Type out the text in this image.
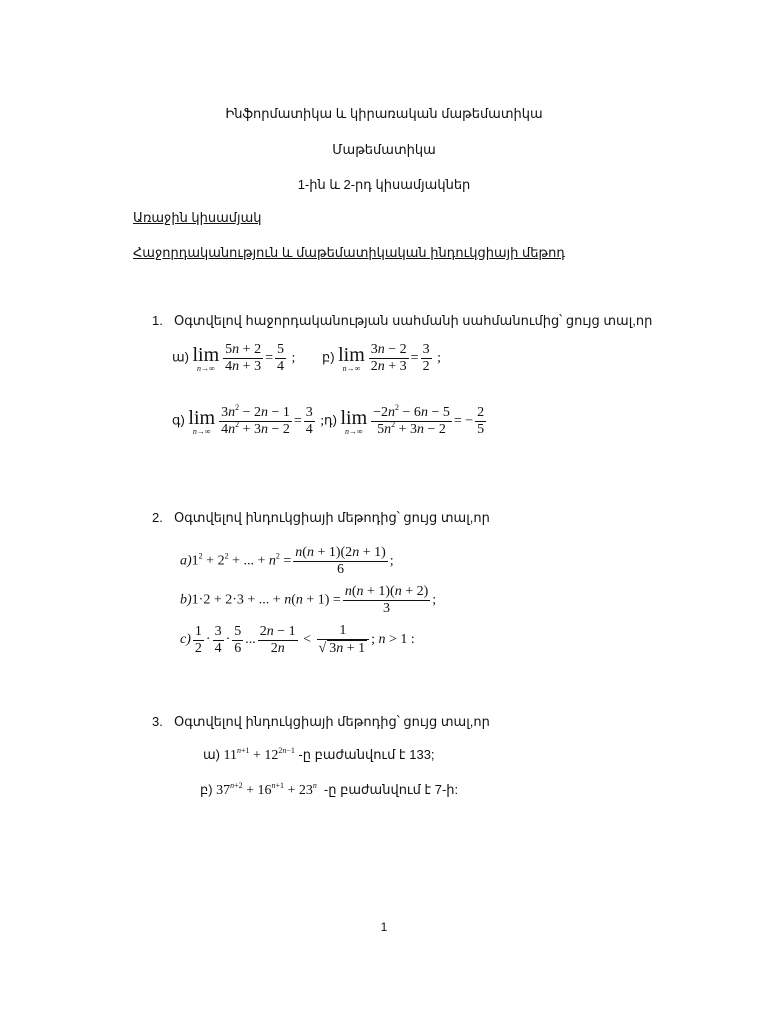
Ինֆորմատիկա և կիրառական մաթեմատիկա
Մաթեմատիկա
1-ին և 2-րդ կիսամյակներ
Առաջին կիսամյակ
Հաջորդականություն և մաթեմատիկական ինդուկցիայի մեթոդ
1. Օգտվելով հաջորդականության սահմանի սահմանումից՝ ցույց տալ,որ
ա) lim
$n\to\infty \frac{5n + 2}{4n + 3} = \frac{5}{4}$ ; բ) lim
$n\to\infty \frac{3n - 2}{2n + 3} = \frac{3}{2}$ ;
գ) lim
$n\to\infty \frac{3n^2 - 2n - 1}{4n^2 + 3n - 2} = \frac{3}{4}$ ; դ) lim
$n\to\infty \frac{-2n^2 - 6n - 5}{5n^2 + 3n - 2}$ = − $\frac{2}{5}$
2. Օգտվելով ինդուկցիայի մեթոդից՝ ցույց տալ,որ
$a)1^2 + 2^2$ + ... + $n^2 = \frac{n(n + 1)(2n + 1)}{6}$ ;
b)1·2 + 2·3 + ... + $n(n + 1) = \frac{n(n + 1)(n + 2)}{3}$ ;
$c) \frac{1}{2} \cdot \frac{3}{4} \cdot \frac{5}{6}$ ... $\frac{2n - 1}{2n} < \frac{1}{√ 3n + 1}$ ; n > 1 :
3. Օգտվելով ինդուկցիայի մեթոդից՝ ցույց տալ,որ
ա) $11^{n+1} + 12^{2n-1}$ -ը բաժանվում է 133;
բ) $37^{n+2} + 16^{n+1} + 23^n$ -ը բաժանվում է 7-ի:
1
